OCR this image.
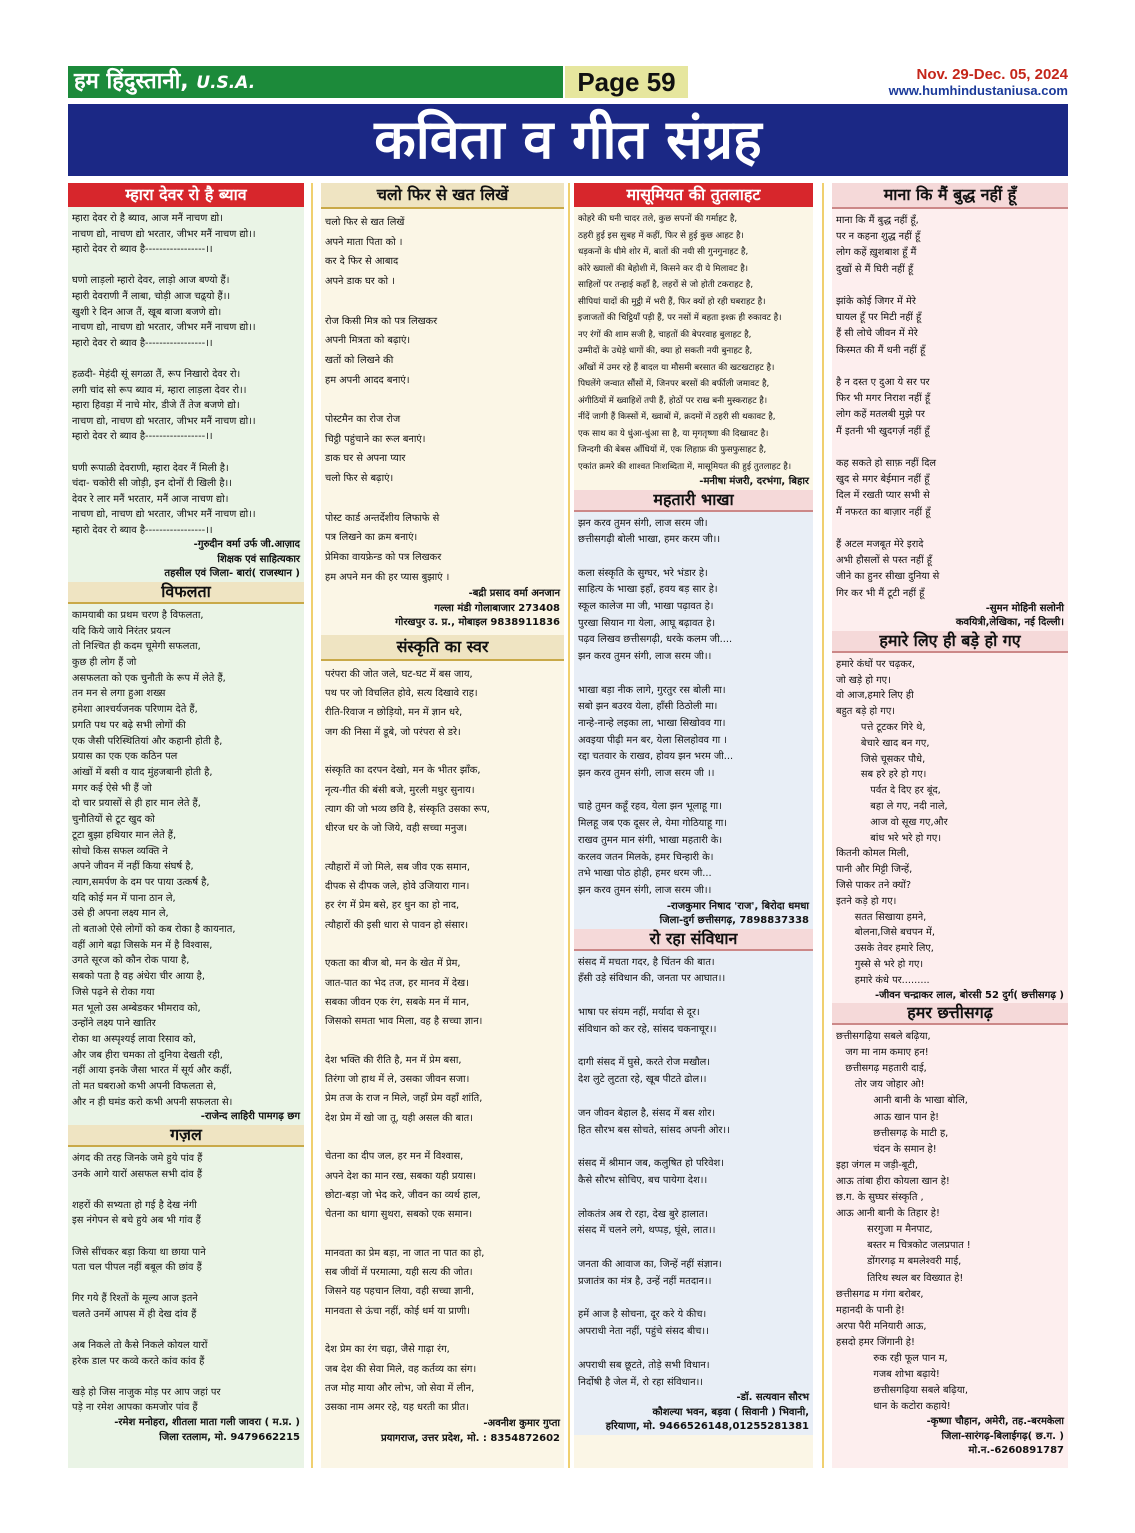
हम हिंदुस्तानी, U.S.A.	Page 59	Nov. 29-Dec. 05, 2024
www.humhindustaniusa.com
कविता व गीत संग्रह
म्हारा देवर रो है ब्याव
म्हारा देवर रो है ब्याव, आज मनैं नाचण द्यो।
नाचण द्यो, नाचण द्यो भरतार, जीभर मनैं नाचण द्यो।।
म्हारो देवर रो ब्याव है-----------------।।

घणो लाड़लो म्हारो देवर, लाड़ो आज बण्यो हैं।
म्हारी देवराणी नैं लाबा, चोड़ी आज चढ़्यो हैं।।
खुशी रे दिन आज तैं, खूब बाजा बजणे द्यो।
नाचण द्यो, नाचण द्यो भरतार, जीभर मनैं नाचण द्यो।।
म्हारो देवर रो ब्याव है-----------------।।

हळदी- मेहंदी सूं सगळा तैं, रूप निखारो देवर रो।
लगी चांद सो रूप ब्याव मं, म्हारा लाड़ला देवर रो।।
म्हारा हिवड़ा में नाचे मोर, डीजे तैं तेज बजणे द्यो।
नाचण द्यो, नाचण द्यो भरतार, जीभर मनैं नाचण द्यो।।
म्हारो देवर रो ब्याव है-----------------।।

घणी रूपाळी देवराणी, म्हारा देवर नैं मिली है।
चंदा- चकोरी सी जोड़ी, इन दोनों री खिली है।।
देवर रे लार मनैं भरतार, मनैं आज नाचण द्यो।
नाचण द्यो, नाचण द्यो भरतार, जीभर मनैं नाचण द्यो।।
म्हारो देवर रो ब्याव है-----------------।।
-गुरुदीन वर्मा उर्फ जी.आज़ाद
शिक्षक एवं साहित्यकार
तहसील एवं जिला- बारां( राजस्थान )
विफलता
कामयाबी का प्रथम चरण है विफलता,
यदि किये जाये निरंतर प्रयत्न
तो निश्चित ही कदम चूमेगी सफलता,
कुछ ही लोग हैं जो
असफलता को एक चुनौती के रूप में लेते हैं,
तन मन से लगा हुआ शख्स
हमेशा आश्चर्यजनक परिणाम देते हैं,
प्रगति पथ पर बढ़े सभी लोगों की
एक जैसी परिस्थितियां और कहानी होती है,
प्रयास का एक एक कठिन पल
आंखों में बसी व याद मुंहजबानी होती है,
मगर कई ऐसे भी हैं जो
दो चार प्रयासों से ही हार मान लेते हैं,
चुनौतियों से टूट खुद को
टूटा बुझा हथियार मान लेते हैं,
सोचो किस सफल व्यक्ति ने
अपने जीवन में नहीं किया संघर्ष है,
त्याग,समर्पण के दम पर पाया उत्कर्ष है,
यदि कोई मन में पाना ठान ले,
उसे ही अपना लक्ष्य मान ले,
तो बताओ ऐसे लोगों को कब रोका है कायनात,
वहीं आगे बढ़ा जिसके मन में है विश्वास,
उगते सूरज को कौन रोक पाया है,
सबको पता है वह अंधेरा चीर आया है,
जिसे पढ़ने से रोका गया
मत भूलो उस अम्बेडकर भीमराव को,
उन्होंने लक्ष्य पाने खातिर
रोका था अस्पृश्यई लावा रिसाव को,
और जब हीरा चमका तो दुनिया देखती रही,
नहीं आया इनके जैसा भारत में सूर्य और कहीं,
तो मत घबराओ कभी अपनी विफलता से,
और न ही घमंड करो कभी अपनी सफलता से।
-राजेन्द लाहिरी पामगढ़ छग
गज़ल
अंगद की तरह जिनके जमे हुये पांव हैं
उनके आगे यारों असफल सभी दांव हैं

शहरों की सभ्यता हो गई है देख नंगी
इस नंगेपन से बचे हुये अब भी गांव हैं

जिसे सींचकर बड़ा किया था छाया पाने
पता चल पीपल नहीं बबूल की छांव हैं

गिर गये हैं रिश्तों के मूल्य आज इतने
चलते उनमें आपस में ही देख दांव हैं

अब निकले तो कैसे निकले कोयल यारों
हरेक डाल पर कव्वे करते कांव कांव हैं

खड़े हो जिस नाजुक मोड़ पर आप जहां पर
पड़े ना रमेश आपका कमजोर पांव हैं
-रमेश मनोहरा, शीतला माता गली जावरा ( म.प्र. )
जिला रतलाम, मो. 9479662215
चलो फिर से खत लिखें
चलो फिर से खत लिखें
अपने माता पिता को ।
कर दे फिर से आबाद
अपने डाक घर को ।

रोज किसी मित्र को पत्र लिखकर
अपनी मित्रता को बढ़ाएं।
खतों को लिखने की
हम अपनी आदद बनाएं।

पोस्टमैन का रोज रोज
चिट्ठी पहुंचाने का रूल बनाएं।
डाक घर से अपना प्यार
चलो फिर से बढ़ाएं।

पोस्ट कार्ड अन्तर्देशीय लिफाफे से
पत्र लिखने का क्रम बनाएं।
प्रेमिका वायफ्रेन्ड को पत्र लिखकर
हम अपने मन की हर प्यास बुझाएं ।
-बद्री प्रसाद वर्मा अनजान
गल्ला मंडी गोलाबाजार 273408
गोरखपुर उ. प्र., मोबाइल 9838911836
संस्कृति का स्वर
परंपरा की जोत जले, घट-घट में बस जाय,
पथ पर जो विचलित होवे, सत्य दिखावे राह।
रीति-रिवाज न छोड़ियो, मन में ज्ञान धरे,
जग की निसा में डूबे, जो परंपरा से डरे।

संस्कृति का दरपन देखो, मन के भीतर झाँक,
नृत्य-गीत की बंसी बजे, मुरली मधुर सुनाय।
त्याग की जो भव्य छवि है, संस्कृति उसका रूप,
धीरज धर के जो जिये, वही सच्चा मनुज।

त्यौहारों में जो मिले, सब जीव एक समान,
दीपक से दीपक जले, होवे उजियारा गान।
हर रंग में प्रेम बसे, हर धुन का हो नाद,
त्यौहारों की इसी धारा से पावन हो संसार।

एकता का बीज बो, मन के खेत में प्रेम,
जात-पात का भेद तज, हर मानव में देख।
सबका जीवन एक रंग, सबके मन में मान,
जिसको समता भाव मिला, वह है सच्चा ज्ञान।

देश भक्ति की रीति है, मन में प्रेम बसा,
तिरंगा जो हाथ में ले, उसका जीवन सजा।
प्रेम तज के राज न मिले, जहाँ प्रेम वहाँ शांति,
देश प्रेम में खो जा तू, यही असल की बात।

चेतना का दीप जल, हर मन में विश्वास,
अपने देश का मान रख, सबका यही प्रयास।
छोटा-बड़ा जो भेद करे, जीवन का व्यर्थ हाल,
चेतना का धागा सुथरा, सबको एक समान।

मानवता का प्रेम बड़ा, ना जात ना पात का हो,
सब जीवों में परमात्मा, यही सत्य की जोत।
जिसने यह पहचान लिया, वही सच्चा ज्ञानी,
मानवता से ऊंचा नहीं, कोई धर्म या प्राणी।

देश प्रेम का रंग चढ़ा, जैसे गाढ़ा रंग,
जब देश की सेवा मिले, वह कर्तव्य का संग।
तज मोह माया और लोभ, जो सेवा में लीन,
उसका नाम अमर रहे, यह धरती का प्रीत।
-अवनीश कुमार गुप्ता
प्रयागराज, उत्तर प्रदेश, मो. : 8354872602
मासूमियत की तुतलाहट
कोहरे की घनी चादर तले, कुछ सपनों की गर्माहट है,
ठहरी हुई इस सुबह में कहीं, फिर से हुई कुछ आहट है।
धड़कनों के धीमे शोर में, बातों की नयी सी गुनगुनाहट है,
कोरे ख्यालों की बेहोशी में, किसने कर दी ये मिलावट है।
साहिलों पर तन्हाई कहाँ है, लहरों से जो होती टकराहट है,
सीपियां यादों की मुट्ठी में भरी हैं, फिर क्यों हो रही घबराहट है।
इजाजतों की चिट्ठियाँ पड़ी हैं, पर नसों में बहता इश्क़ ही रुकावट है।
नए रंगों की शाम सजी है, चाहतों की बेपरवाह बुलाहट है,
उम्मीदों के उधेड़े धागों की, क्या हो सकती नयी बुनाहट है,
आँखों में उमर रहे हैं बादल या मौसमी बरसात की खटखटाहट है।
पिघलेंगे जन्वात सौंसों में, जिनपर बरसों की बर्फीली जमावट है,
अंगीठियों में ख्वाहिशें तपी हैं, होठों पर राख बनी मुस्कराहट है।
नींदें जागी हैं किस्सों में, ख्वाबों में, क़दमों में ठहरी सी थकावट है,
एक साथ का ये धुंआ-धुंआ सा है, या मृगतृष्णा की दिखावट है।
जिन्दगी की बेबस आँधियों में, एक लिहाफ़ की फुसफुसाहट है,
एकांत क़मरे की शाश्वत निःशब्दिता में, मासूमियत की हुई तुतलाहट है।
-मनीषा मंजरी, दरभंगा, बिहार
महतारी भाखा
झन करव तुमन संगी, लाज सरम जी।
छत्तीसगढ़ी बोली भाखा, हमर करम जी।।

कला संस्कृति के सुग्घर, भरे भंडार हे।
साहित्य के भाखा इहाँ, हवय बड़ सार हे।
स्कूल कालेज मा जी, भाखा पढ़ावत हे।
पुरखा सियान गा येला, आघू बढ़ावत हे।
पढ़व लिखव छत्तीसगढ़ी, धरके कलम जी....
झन करव तुमन संगी, लाज सरम जी।।

भाखा बड़ा नीक लागे, गुरतुर रस बोली मा।
सबो झन बउरव येला, हाँसी ठिठोली मा।
नान्हे-नान्हे लइका ला, भाखा सिखोवव गा।
अवइया पीढ़ी मन बर, येला सिलहोवव गा ।
रद्दा चतवार के राखव, होवय झन भरम जी...
झन करव तुमन संगी, लाज सरम जी ।।

चाहे तुमन कहूँ रहव, येला झन भूलाहू गा।
मिलहू जब एक दूसर ले, येमा गोठियाहू गा।
राखव तुमन मान संगी, भाखा महतारी के।
करलव जतन मिलके, हमर चिन्हारी के।
तभे भाखा पोठ होही, हमर धरम जी...
झन करव तुमन संगी, लाज सरम जी।।
-राजकुमार निषाद 'राज', बिरोदा धमधा
जिला-दुर्ग छत्तीसगढ़, 7898837338
रो रहा संविधान
संसद में मचता गदर, है चिंतन की बात।
हँसी उड़े संविधान की, जनता पर आघात।।

भाषा पर संयम नहीं, मर्यादा से दूर।
संविधान को कर रहे, सांसद चकनाचूर।।

दागी संसद में घुसे, करते रोज मखौल।
देश लुटे लुटता रहे, खूब पीटते ढोल।।

जन जीवन बेहाल है, संसद में बस शोर।
हित सौरभ बस सोचते, सांसद अपनी ओर।।

संसद में श्रीमान जब, कलुषित हो परिवेश।
कैसे सौरभ सोचिए, बच पायेगा देश।।

लोकतंत्र अब रो रहा, देख बुरे हालात।
संसद में चलने लगे, थप्पड़, घूंसे, लात।।

जनता की आवाज का, जिन्हें नहीं संज्ञान।
प्रजातंत्र का मंत्र है, उन्हें नहीं मतदान।।

हमें आज है सोचना, दूर करे ये कीच।
अपराधी नेता नहीं, पहुंचे संसद बीच।।

अपराधी सब छूटते, तोड़े सभी विधान।
निर्दोषी है जेल में, रो रहा संविधान।।
-डॉ. सत्यवान सौरभ
कौशल्या भवन, बड़वा ( सिवानी ) भिवानी,
हरियाणा, मो. 9466526148,01255281381
माना कि मैं बुद्ध नहीं हूँ
माना कि मैं बुद्ध नहीं हूँ,
पर न कहना शुद्ध नहीं हूँ
लोग कहें ख़ुशबाश हूँ मैं
दुखों से मैं घिरी नहीं हूँ

झांके कोई जिगर में मेरे
घायल हूँ पर मिटी नहीं हूँ
हैं सी लोचे जीवन में मेरे
किस्मत की मैं धनी नहीं हूँ

है न दस्त ए दुआ ये सर पर
फिर भी मगर निराश नहीं हूँ
लोग कहें मतलबी मुझे पर
मैं इतनी भी खुदगर्ज़ नहीं हूँ

कह सकते हो साफ़ नहीं दिल
खुद से मगर बेईमान नहीं हूँ
दिल में रखती प्यार सभी से
मैं नफरत का बाज़ार नहीं हूँ

हैं अटल मजबूत मेरे इरादे
अभी हौसलों से पस्त नहीं हूँ
जीने का हुनर सीखा दुनिया से
गिर कर भी मैं टूटी नहीं हूँ
-सुमन मोहिनी सलोनी
कवयित्री,लेखिका, नई दिल्ली।
हमारे लिए ही बड़े हो गए
हमारे कंधों पर चढ़कर,
जो खड़े हो गए।
वो आज,हमारे लिए ही
बहुत बड़े हो गए।
पत्ते टूटकर गिरे थे,
बेचारे खाद बन गए,
जिसे चूसकर पौधे,
सब हरे हरे हो गए।
पर्वत दे दिए हर बूंद,
बहा ले गए, नदी नाले,
आज वो सूख गए,और
बांध भरे भरे हो गए।
कितनी कोमल मिली,
पानी और मिट्टी जिन्हें,
जिसे पाकर तने क्यों?
इतने कड़े हो गए।
सतत सिखाया हमने,
बोलना,जिसे बचपन में,
उसके तेवर हमारे लिए,
गुस्से से भरे हो गए।
हमारे कंधे पर.........
-जीवन चन्द्राकर लाल, बोरसी 52 दुर्ग( छत्तीसगढ़ )
हमर छत्तीसगढ़
छत्तीसगढ़िया सबले बढ़िया,
जग मा नाम कमाए हन!
छत्तीसगढ़ महतारी दाई,
तोर जय जोहार ओ!
आनी बानी के भाखा बोलि,
आऊ खान पान हे!
छत्तीसगढ़ के माटी ह,
चंदन के समान हे!
इहा जंगल म जड़ी-बूटी,
आऊ तांबा हीरा कोयला खान हे!
छ.ग. के सुघ्घर संस्कृति ,
आऊ आनी बानी के तिहार हे!
सरगुजा म मैनपाट,
बस्तर म चित्रकोट जलप्रपात !
डोंगरगढ़ म बमलेश्वरी माई,
तिरिथ स्थल बर विख्यात हे!
छत्तीसगढ म गंगा बरोबर,
महानदी के पानी हे!
अरपा पैरी मनियारी आऊ,
हसदो हमर जिंगानी हे!
रुक रही फूल पान म,
गजब शोभा बढ़ाये!
छत्तीसगढ़िया सबले बढ़िया,
धान के कटोरा कहाये!
-कृष्णा चौहान, अमेरी, तह.-बरमकेला
जिला-सारंगढ़-बिलाईगढ़( छ.ग. )
मो.न.-6260891787
